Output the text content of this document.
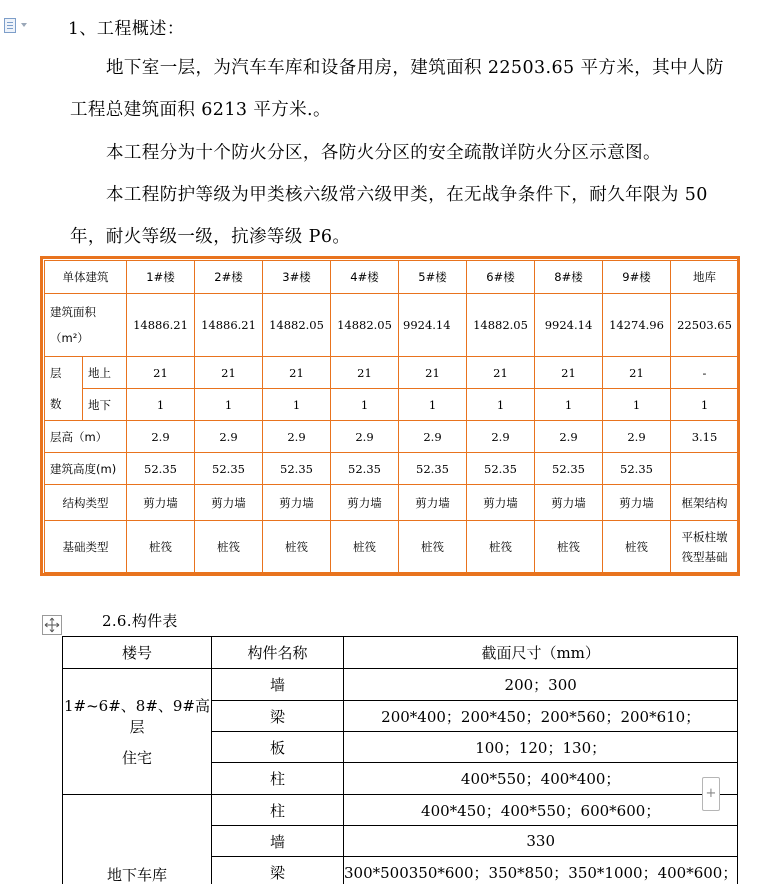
1、工程概述：
地下室一层，为汽车车库和设备用房，建筑面积 22503.65 平方米，其中人防工程总建筑面积 6213 平方米.。
本工程分为十个防火分区，各防火分区的安全疏散详防火分区示意图。
本工程防护等级为甲类核六级常六级甲类，在无战争条件下，耐久年限为 50 年，耐火等级一级，抗渗等级 P6。
单体建筑		1#楼	2#楼	3#楼	4#楼	5#楼	6#楼	8#楼	9#楼	地库

建筑面积
（m²）		14886.21	14886.21	14882.05	14882.05	9924.14	14882.05	9924.14	14274.96	22503.65
层	地上	21	21	21	21	21	21	21	21	-
数	地下	1	1	1	1	1	1	1	1	1
层高（m）		2.9	2.9	2.9	2.9	2.9	2.9	2.9	2.9	3.15
建筑高度(m)		52.35	52.35	52.35	52.35	52.35	52.35	52.35	52.35	
结构类型		剪力墙	剪力墙	剪力墙	剪力墙	剪力墙	剪力墙	剪力墙	剪力墙	框架结构
基础类型		桩筏	桩筏	桩筏	桩筏	桩筏	桩筏	桩筏	桩筏	平板柱墩
筏型基础
2.6.构件表
楼号	构件名称	截面尺寸（mm）

1#~6#、8#、9#高层
住宅	墙	200；300
	梁	200*400；200*450；200*560；200*610；
	板	100；120；130；
	柱	400*550；400*400；
地下车库	柱	400*450；400*550；600*600；
	墙	330
	梁	300*500350*600；350*850；350*1000；400*600；
+
